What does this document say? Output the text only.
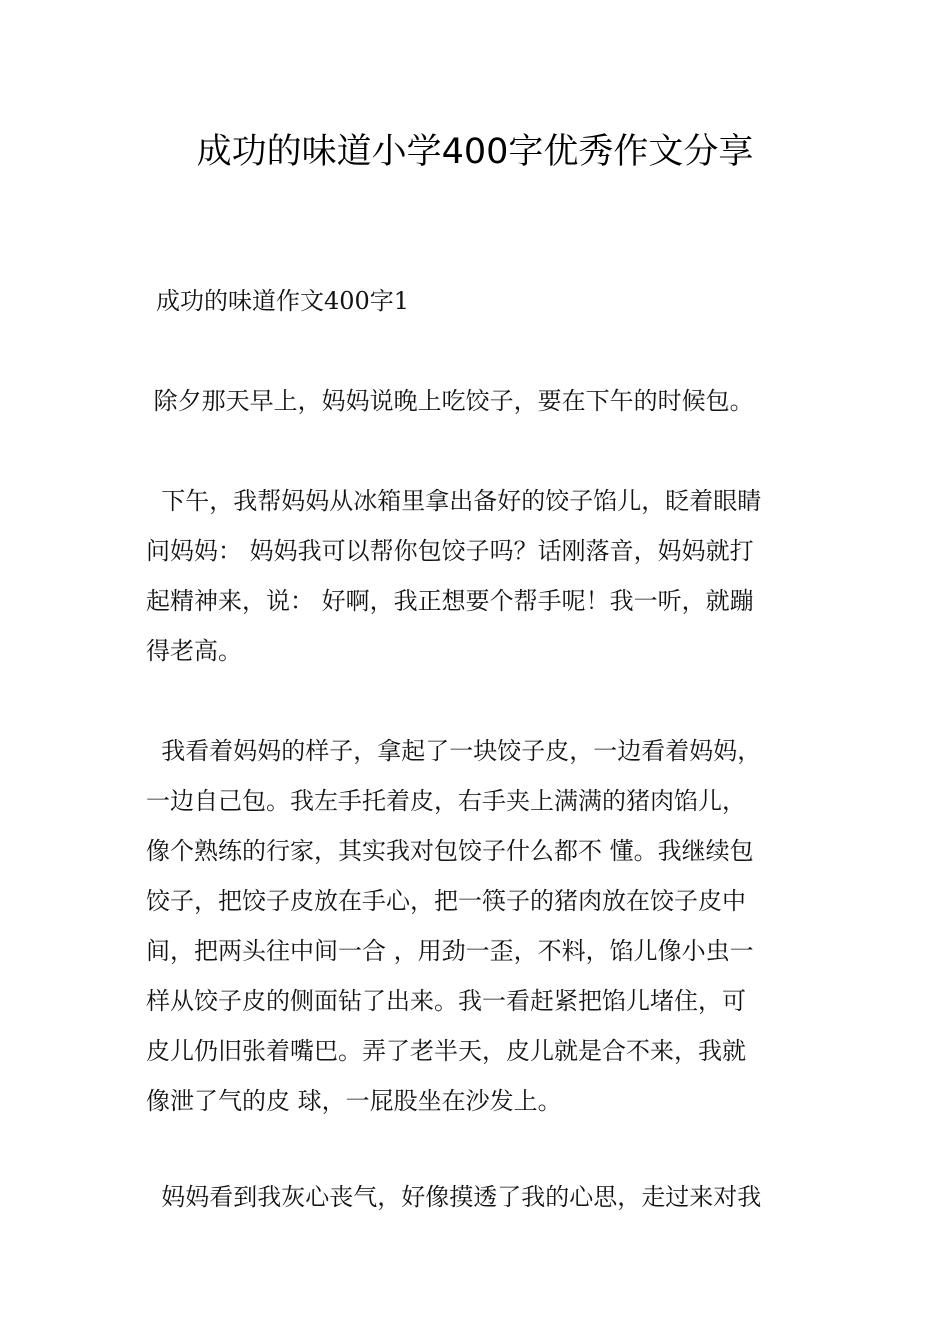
成功的味道小学400字优秀作文分享
成功的味道作文400字1
除夕那天早上，妈妈说晚上吃饺子，要在下午的时候包。
下午，我帮妈妈从冰箱里拿出备好的饺子馅儿，眨着眼睛
问妈妈： 妈妈我可以帮你包饺子吗？话刚落音，妈妈就打
起精神来，说： 好啊，我正想要个帮手呢！我一听，就蹦
得老高。
我看着妈妈的样子，拿起了一块饺子皮，一边看着妈妈，
一边自己包。我左手托着皮，右手夹上满满的猪肉馅儿，
像个熟练的行家，其实我对包饺子什么都不 懂。我继续包
饺子，把饺子皮放在手心，把一筷子的猪肉放在饺子皮中
间，把两头往中间一合 ，用劲一歪，不料，馅儿像小虫一
样从饺子皮的侧面钻了出来。我一看赶紧把馅儿堵住，可
皮儿仍旧张着嘴巴。弄了老半天，皮儿就是合不来，我就
像泄了气的皮 球，一屁股坐在沙发上。
妈妈看到我灰心丧气，好像摸透了我的心思，走过来对我
